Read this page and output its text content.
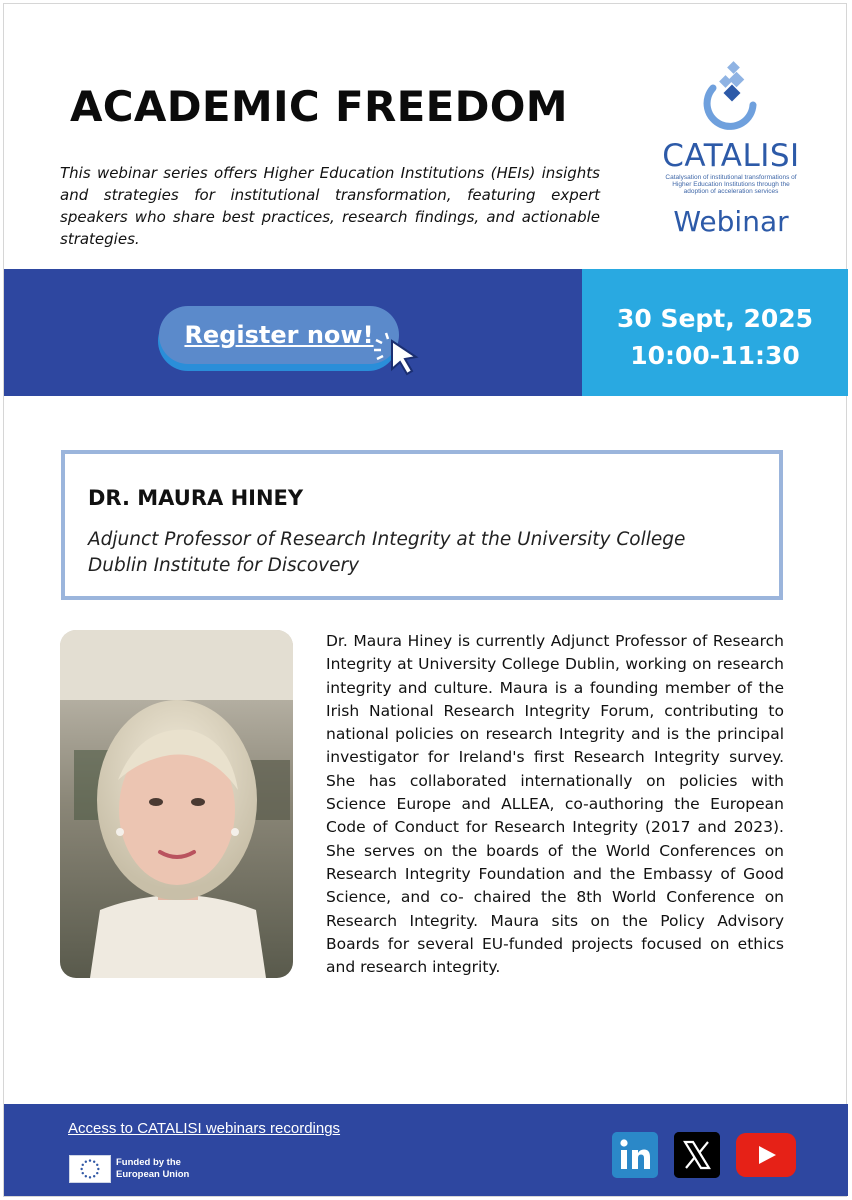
ACADEMIC FREEDOM
This webinar series offers Higher Education Institutions (HEIs) insights and strategies for institutional transformation, featuring expert speakers who share best practices, research findings, and actionable strategies.
CATALISI
Catalysation of institutional transformations of Higher Education Institutions through the adoption of acceleration services
Webinar
Register now!
30 Sept, 2025
10:00-11:30
DR. MAURA HINEY
Adjunct Professor of Research Integrity at the University College Dublin Institute for Discovery
Dr. Maura Hiney is currently Adjunct Professor of Research Integrity at University College Dublin, working on research integrity and culture. Maura is a founding member of the Irish National Research Integrity Forum, contributing to national policies on research Integrity and is the principal investigator for Ireland's first Research Integrity survey. She has collaborated internationally on policies with Science Europe and ALLEA, co-authoring the European Code of Conduct for Research Integrity (2017 and 2023). She serves on the boards of the World Conferences on Research Integrity Foundation and the Embassy of Good Science, and co- chaired the 8th World Conference on Research Integrity. Maura sits on the Policy Advisory Boards for several EU-funded projects focused on ethics and research integrity.
Access to CATALISI webinars recordings
Funded by the European Union
